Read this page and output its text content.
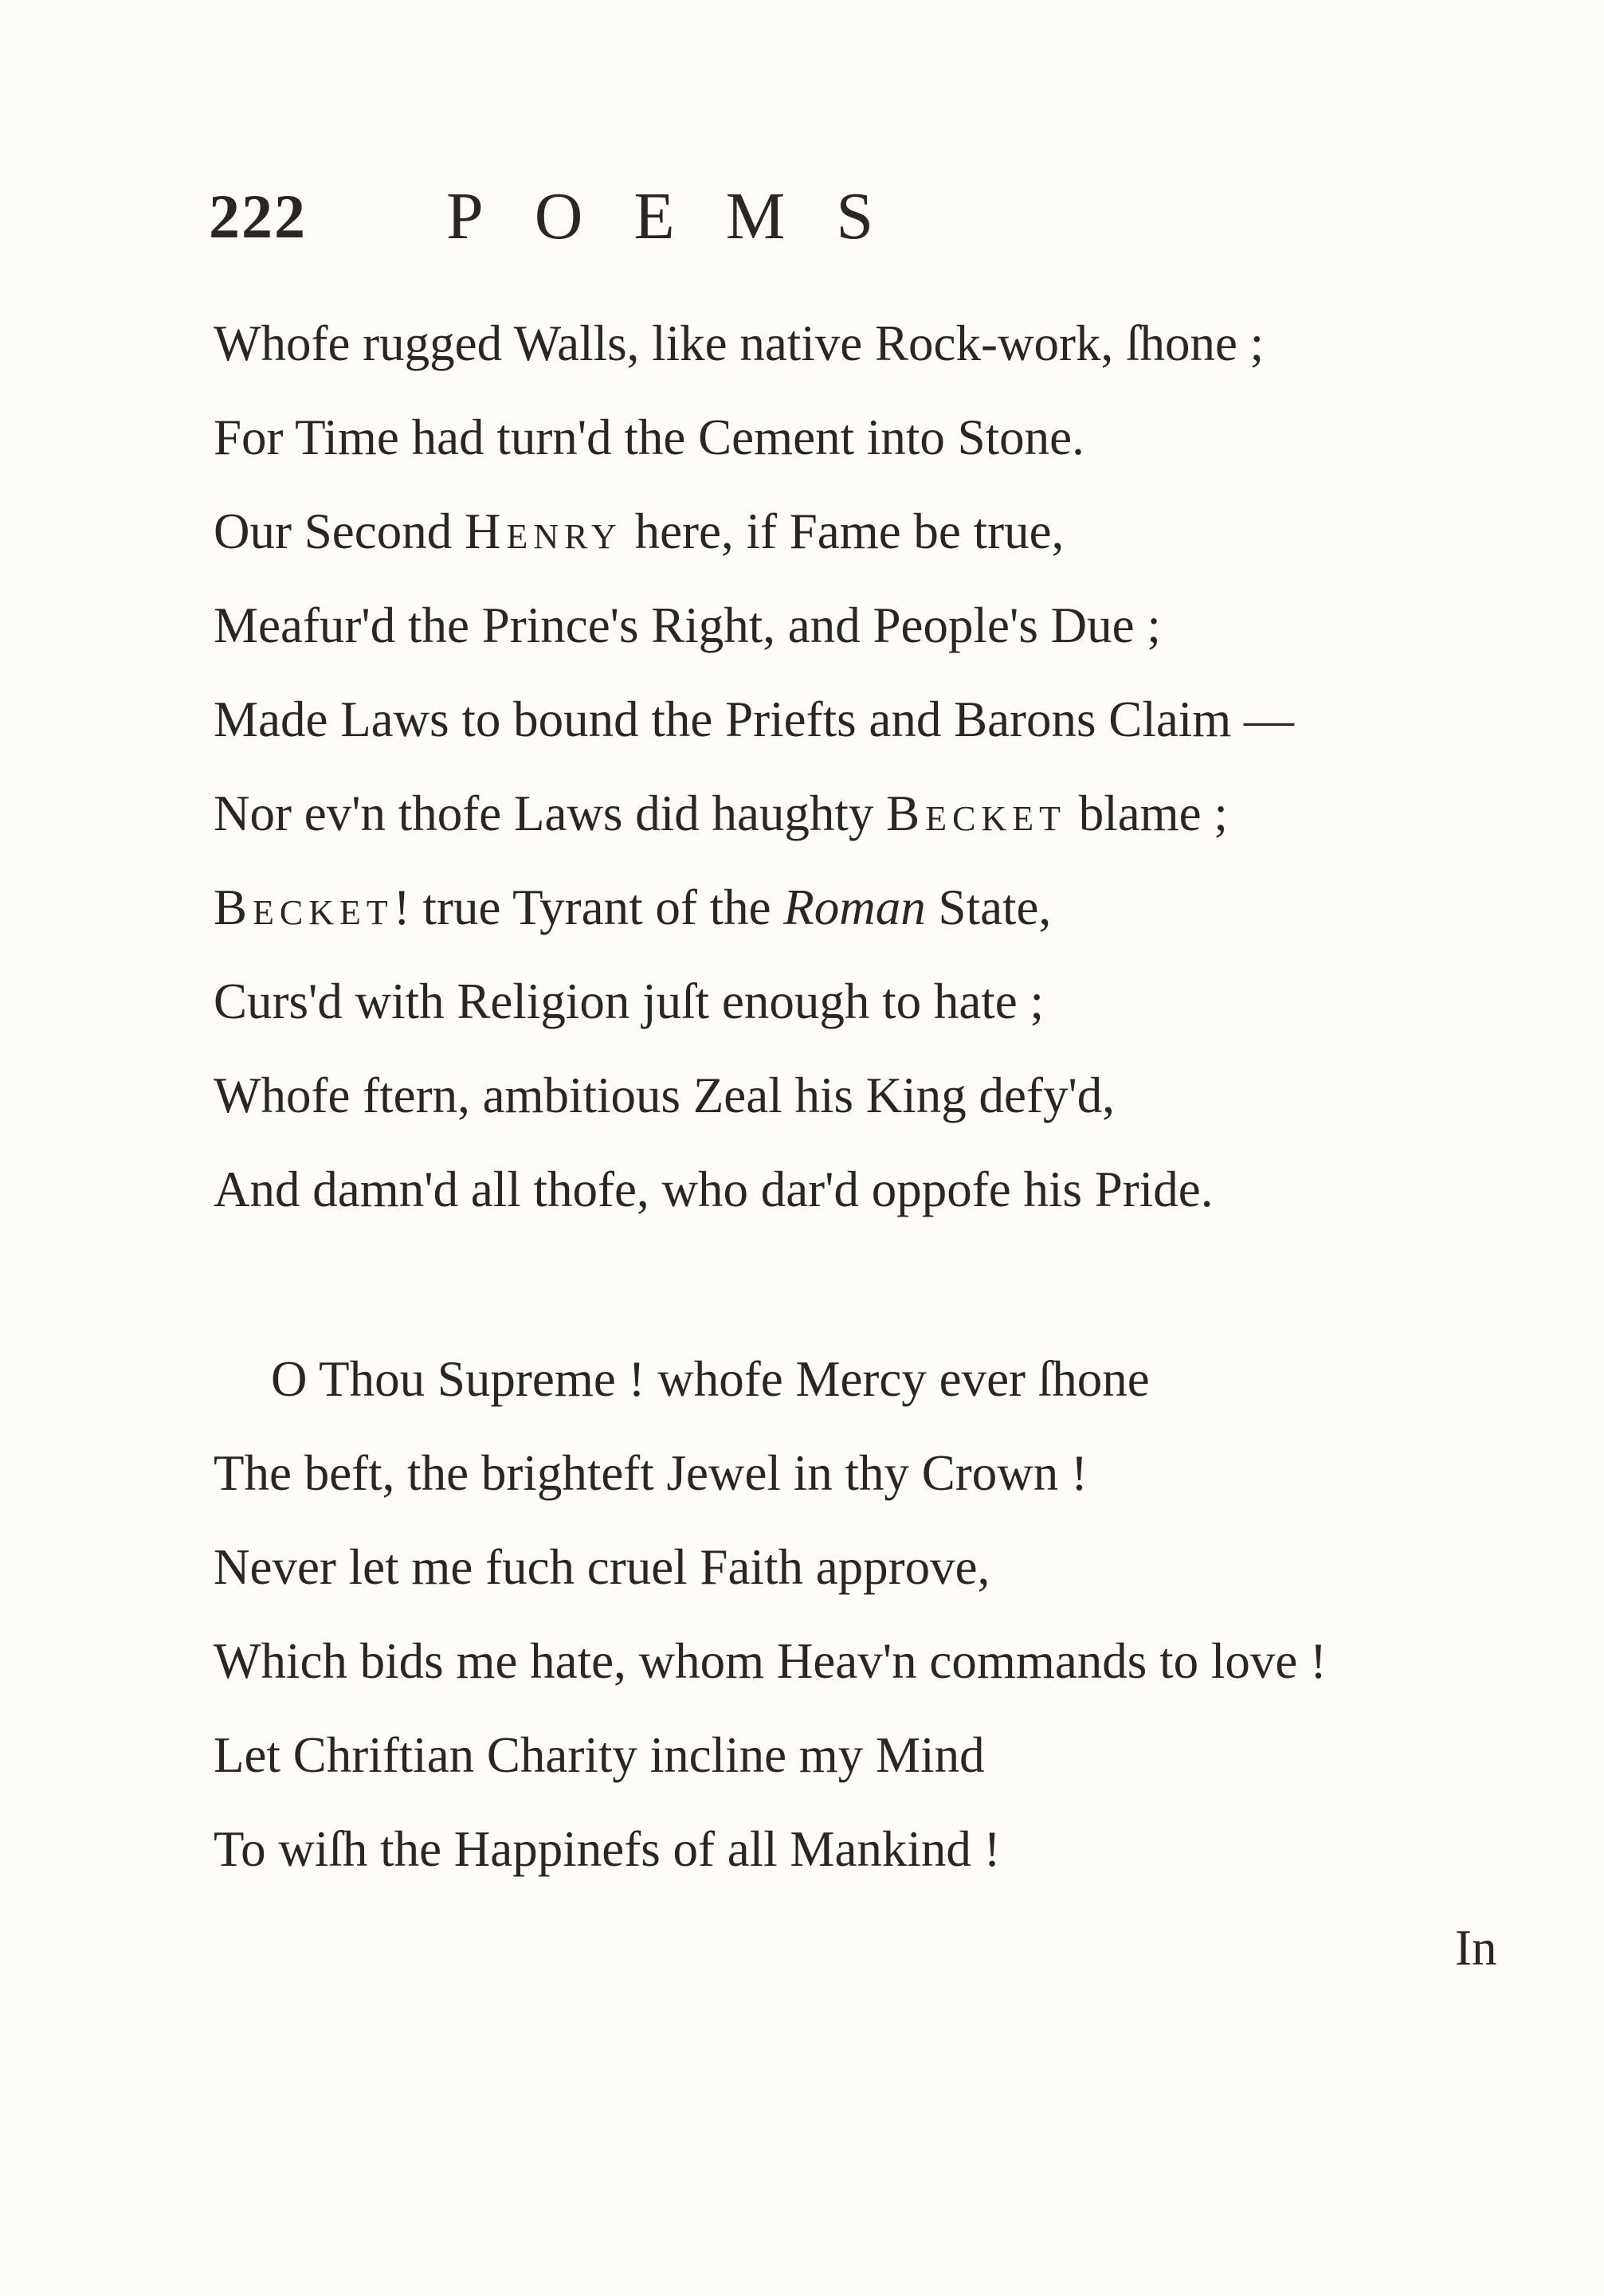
222 POEMS
Whofe rugged Walls, like native Rock-work, ſhone ;
For Time had turn'd the Cement into Stone.
Our Second Henry here, if Fame be true,
Meafur'd the Prince's Right, and People's Due ;
Made Laws to bound the Priefts and Barons Claim —
Nor ev'n thofe Laws did haughty Becket blame ;
Becket! true Tyrant of the Roman State,
Curs'd with Religion juſt enough to hate ;
Whofe ftern, ambitious Zeal his King defy'd,
And damn'd all thofe, who dar'd oppofe his Pride.
O Thou Supreme ! whofe Mercy ever ſhone
The beft, the brighteft Jewel in thy Crown !
Never let me fuch cruel Faith approve,
Which bids me hate, whom Heav'n commands to love !
Let Chriftian Charity incline my Mind
To wiſh the Happinefs of all Mankind !
In
